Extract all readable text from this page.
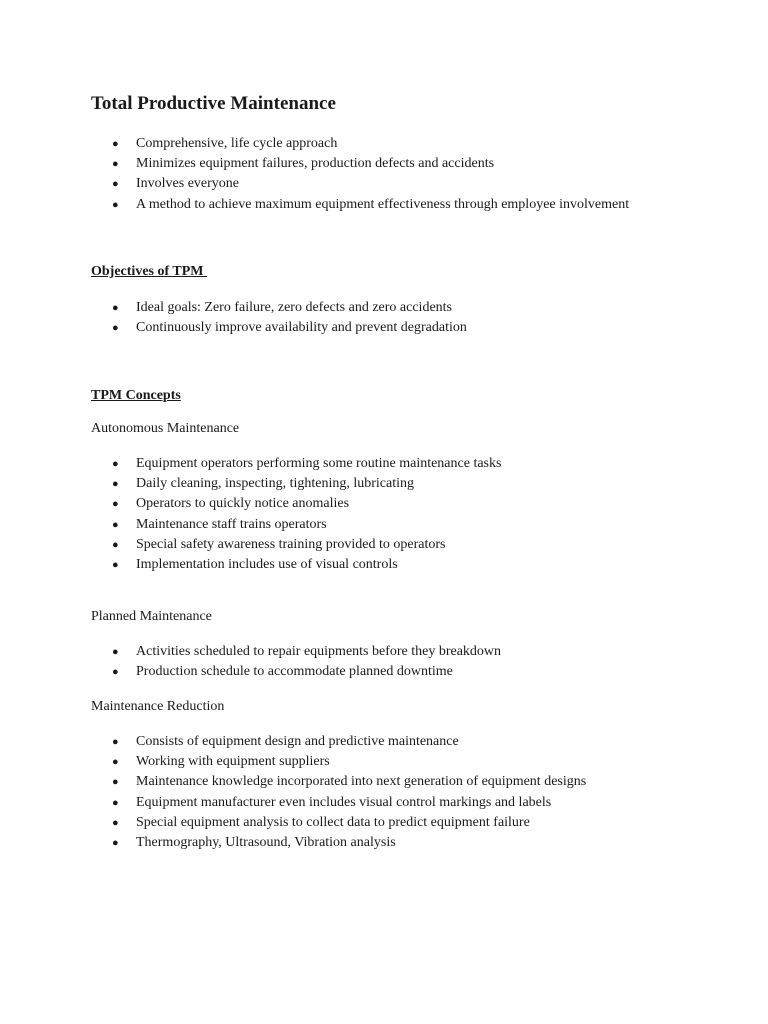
Total Productive Maintenance
● Comprehensive, life cycle approach
● Minimizes equipment failures, production defects and accidents
● Involves everyone
● A method to achieve maximum equipment effectiveness through employee involvement
Objectives of TPM
● Ideal goals: Zero failure, zero defects and zero accidents
● Continuously improve availability and prevent degradation
TPM Concepts
Autonomous Maintenance
● Equipment operators performing some routine maintenance tasks
● Daily cleaning, inspecting, tightening, lubricating
● Operators to quickly notice anomalies
● Maintenance staff trains operators
● Special safety awareness training provided to operators
● Implementation includes use of visual controls
Planned Maintenance
● Activities scheduled to repair equipments before they breakdown
● Production schedule to accommodate planned downtime
Maintenance Reduction
● Consists of equipment design and predictive maintenance
● Working with equipment suppliers
● Maintenance knowledge incorporated into next generation of equipment designs
● Equipment manufacturer even includes visual control markings and labels
● Special equipment analysis to collect data to predict equipment failure
● Thermography, Ultrasound, Vibration analysis
